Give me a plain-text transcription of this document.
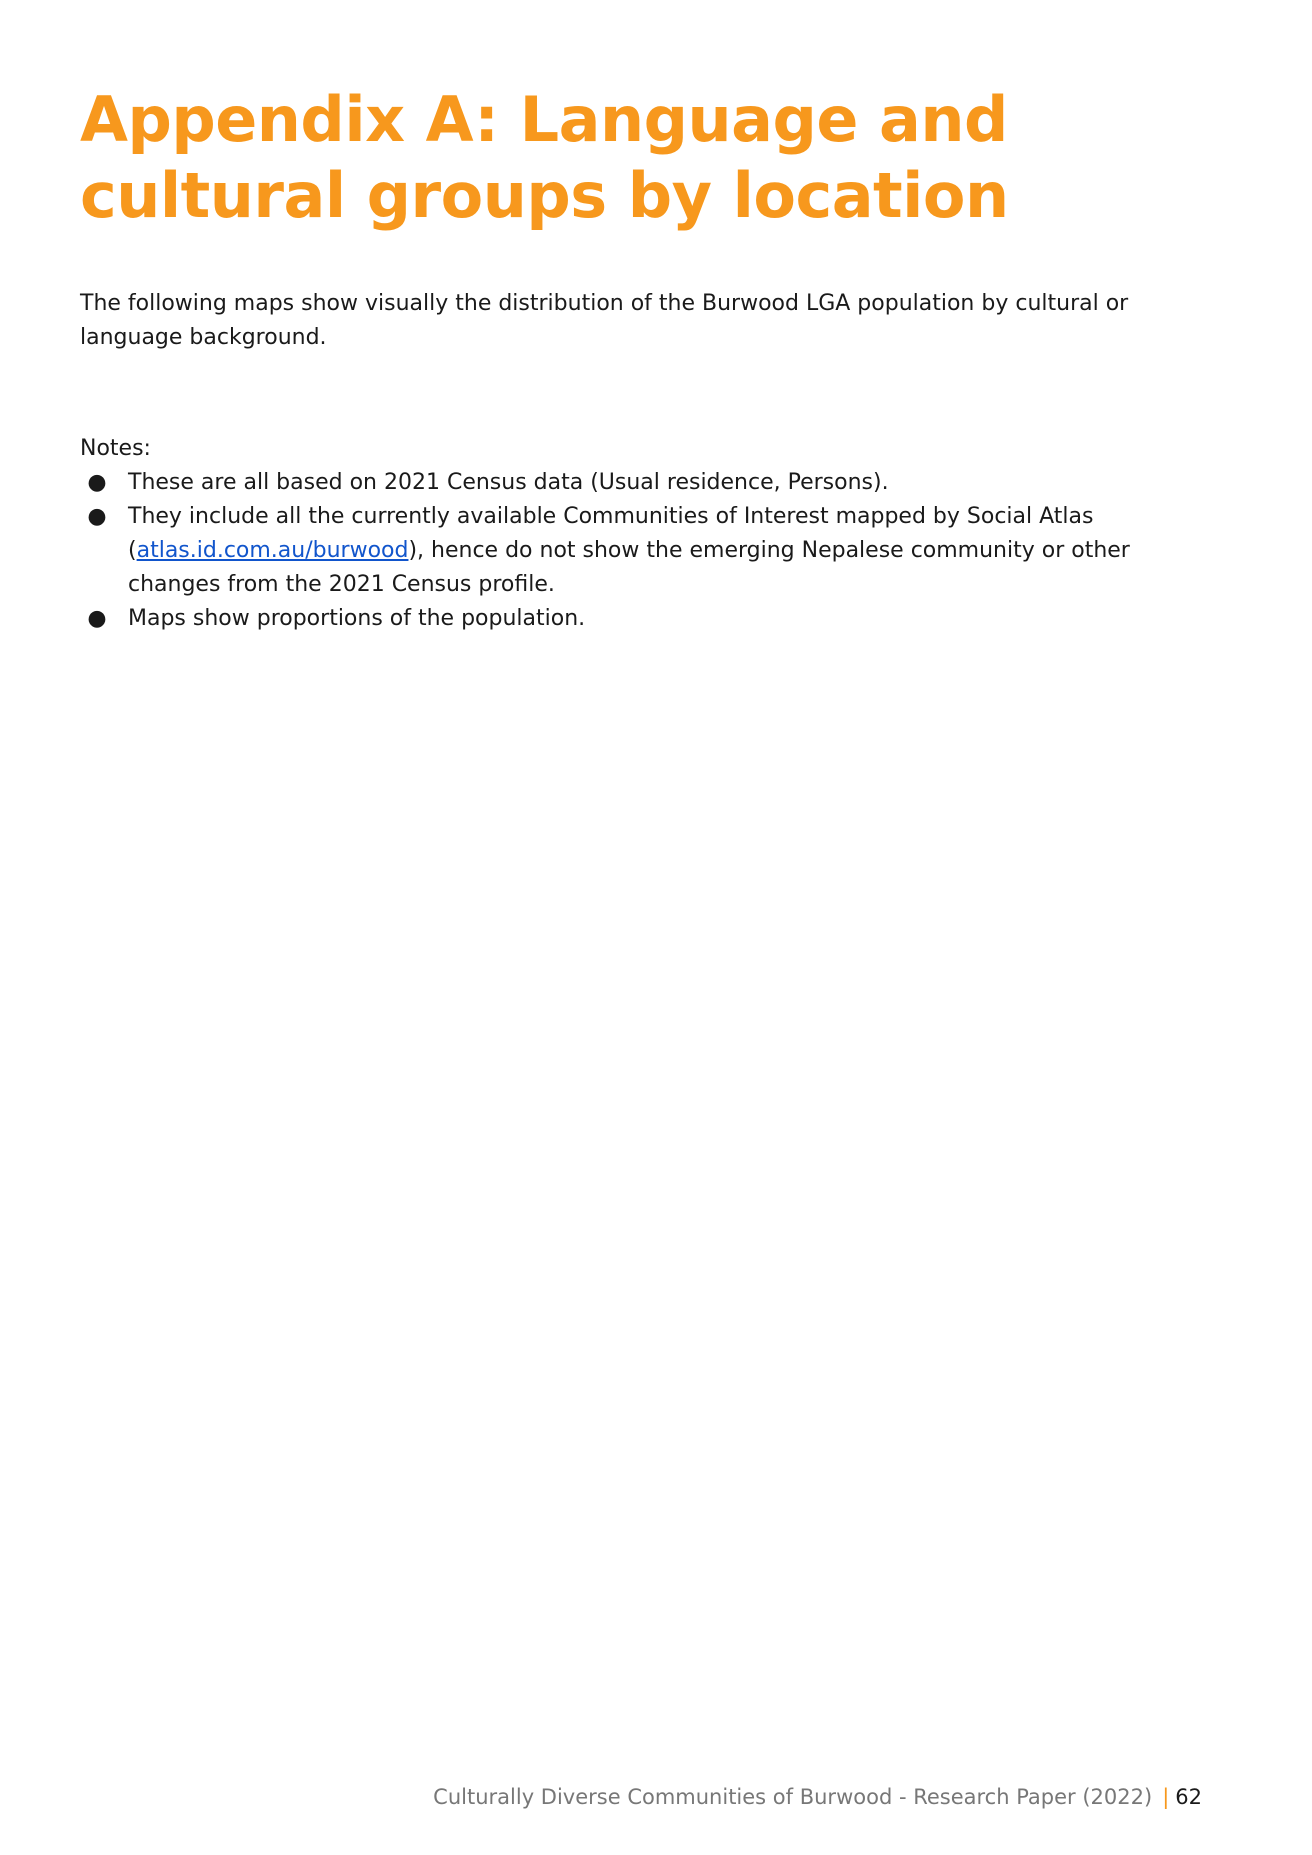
Appendix A: Language and cultural groups by location

The following maps show visually the distribution of the Burwood LGA population by cultural or language background.

Notes:

● These are all based on 2021 Census data (Usual residence, Persons).
● They include all the currently available Communities of Interest mapped by Social Atlas (atlas.id.com.au/burwood), hence do not show the emerging Nepalese community or other changes from the 2021 Census profile.
● Maps show proportions of the population.
Culturally Diverse Communities of Burwood - Research Paper (2022) | 62
